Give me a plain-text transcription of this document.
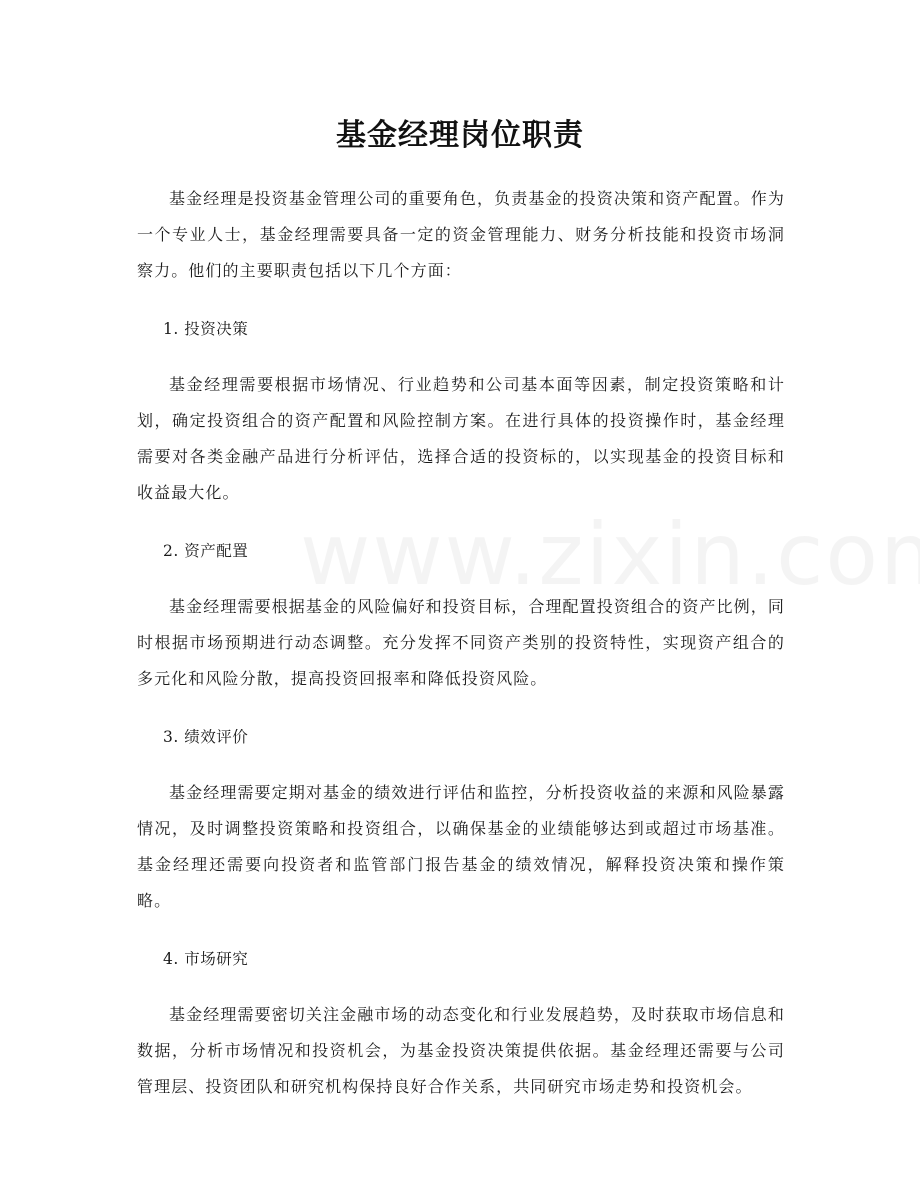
基金经理岗位职责

基金经理是投资基金管理公司的重要角色，负责基金的投资决策和资产配置。作为一个专业人士，基金经理需要具备一定的资金管理能力、财务分析技能和投资市场洞察力。他们的主要职责包括以下几个方面：

1. 投资决策

基金经理需要根据市场情况、行业趋势和公司基本面等因素，制定投资策略和计划，确定投资组合的资产配置和风险控制方案。在进行具体的投资操作时，基金经理需要对各类金融产品进行分析评估，选择合适的投资标的，以实现基金的投资目标和收益最大化。

2. 资产配置

基金经理需要根据基金的风险偏好和投资目标，合理配置投资组合的资产比例，同时根据市场预期进行动态调整。充分发挥不同资产类别的投资特性，实现资产组合的多元化和风险分散，提高投资回报率和降低投资风险。

3. 绩效评价

基金经理需要定期对基金的绩效进行评估和监控，分析投资收益的来源和风险暴露情况，及时调整投资策略和投资组合，以确保基金的业绩能够达到或超过市场基准。基金经理还需要向投资者和监管部门报告基金的绩效情况，解释投资决策和操作策略。

4. 市场研究

基金经理需要密切关注金融市场的动态变化和行业发展趋势，及时获取市场信息和数据，分析市场情况和投资机会，为基金投资决策提供依据。基金经理还需要与公司管理层、投资团队和研究机构保持良好合作关系，共同研究市场走势和投资机会。
